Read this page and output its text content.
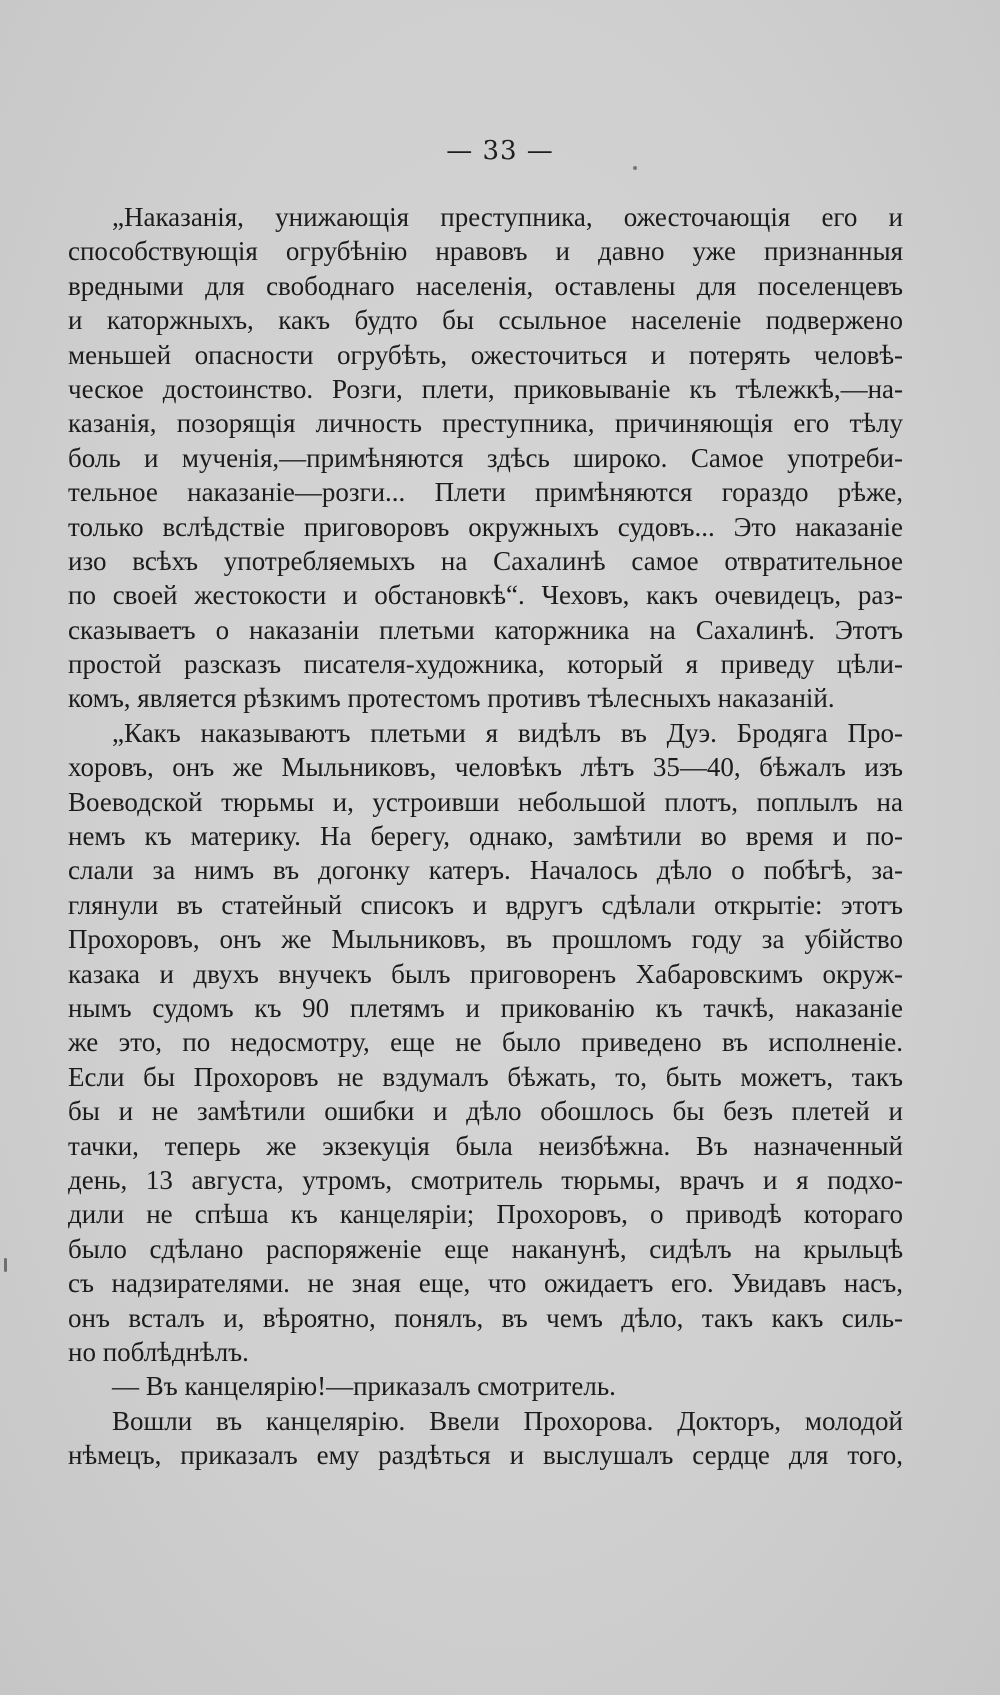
— 33 —
„Наказанія, унижающія преступника, ожесточающія его и
способствующія огрубѣнію нравовъ и давно уже признанныя
вредными для свободнаго населенія, оставлены для поселенцевъ
и каторжныхъ, какъ будто бы ссыльное населеніе подвержено
меньшей опасности огрубѣть, ожесточиться и потерять человѣ-
ческое достоинство. Розги, плети, приковываніе къ тѣлежкѣ,—на-
казанія, позорящія личность преступника, причиняющія его тѣлу
боль и мученія,—примѣняются здѣсь широко. Самое употреби-
тельное наказаніе—розги... Плети примѣняются гораздо рѣже,
только вслѣдствіе приговоровъ окружныхъ судовъ... Это наказаніе
изо всѣхъ употребляемыхъ на Сахалинѣ самое отвратительное
по своей жестокости и обстановкѣ“. Чеховъ, какъ очевидецъ, раз-
сказываетъ о наказаніи плетьми каторжника на Сахалинѣ. Этотъ
простой разсказъ писателя-художника, который я приведу цѣли-
комъ, является рѣзкимъ протестомъ противъ тѣлесныхъ наказаній.
„Какъ наказываютъ плетьми я видѣлъ въ Дуэ. Бродяга Про-
хоровъ, онъ же Мыльниковъ, человѣкъ лѣтъ 35—40, бѣжалъ изъ
Воеводской тюрьмы и, устроивши небольшой плотъ, поплылъ на
немъ къ материку. На берегу, однако, замѣтили во время и по-
слали за нимъ въ догонку катеръ. Началось дѣло о побѣгѣ, за-
глянули въ статейный списокъ и вдругъ сдѣлали открытіе: этотъ
Прохоровъ, онъ же Мыльниковъ, въ прошломъ году за убійство
казака и двухъ внучекъ былъ приговоренъ Хабаровскимъ окруж-
нымъ судомъ къ 90 плетямъ и прикованію къ тачкѣ, наказаніе
же это, по недосмотру, еще не было приведено въ исполненіе.
Если бы Прохоровъ не вздумалъ бѣжать, то, быть можетъ, такъ
бы и не замѣтили ошибки и дѣло обошлось бы безъ плетей и
тачки, теперь же экзекуція была неизбѣжна. Въ назначенный
день, 13 августа, утромъ, смотритель тюрьмы, врачъ и я подхо-
дили не спѣша къ канцеляріи; Прохоровъ, о приводѣ котораго
было сдѣлано распоряженіе еще наканунѣ, сидѣлъ на крыльцѣ
съ надзирателями. не зная еще, что ожидаетъ его. Увидавъ насъ,
онъ всталъ и, вѣроятно, понялъ, въ чемъ дѣло, такъ какъ силь-
но поблѣднѣлъ.
— Въ канцелярію!—приказалъ смотритель.
Вошли въ канцелярію. Ввели Прохорова. Докторъ, молодой
нѣмецъ, приказалъ ему раздѣться и выслушалъ сердце для того,
